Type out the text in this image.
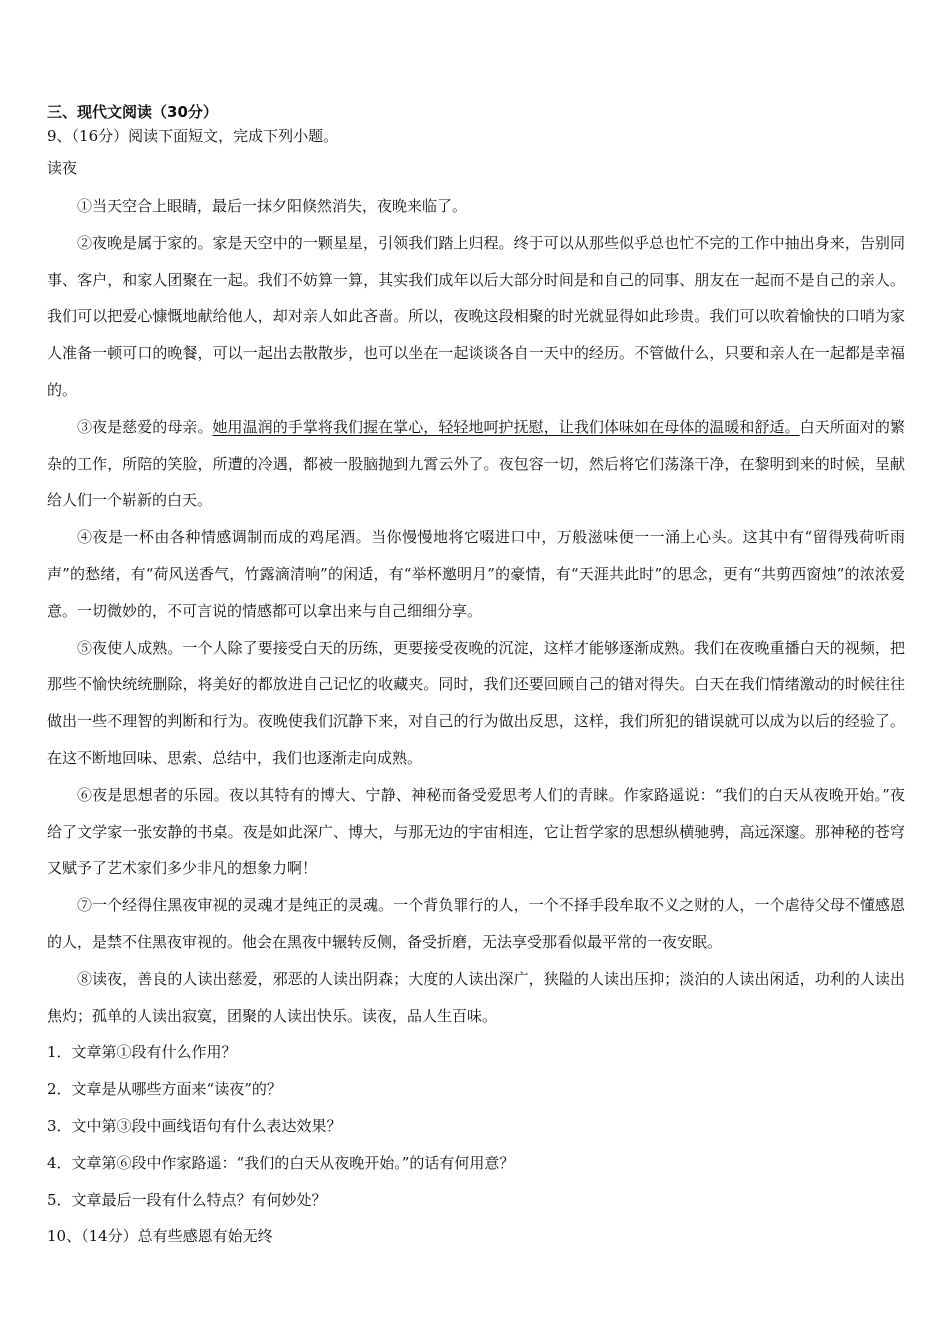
三、现代文阅读（30分）

9、（16分）阅读下面短文，完成下列小题。

读夜

①当天空合上眼睛，最后一抹夕阳倏然消失，夜晚来临了。

②夜晚是属于家的。家是天空中的一颗星星，引领我们踏上归程。终于可以从那些似乎总也忙不完的工作中抽出身来，告别同事、客户，和家人团聚在一起。我们不妨算一算，其实我们成年以后大部分时间是和自己的同事、朋友在一起而不是自己的亲人。我们可以把爱心慷慨地献给他人，却对亲人如此吝啬。所以，夜晚这段相聚的时光就显得如此珍贵。我们可以吹着愉快的口哨为家人准备一顿可口的晚餐，可以一起出去散散步，也可以坐在一起谈谈各自一天中的经历。不管做什么，只要和亲人在一起都是幸福的。

③夜是慈爱的母亲。她用温润的手掌将我们握在掌心，轻轻地呵护抚慰，让我们体味如在母体的温暖和舒适。白天所面对的繁杂的工作，所陪的笑脸，所遭的冷遇，都被一股脑抛到九霄云外了。夜包容一切，然后将它们荡涤干净，在黎明到来的时候，呈献给人们一个崭新的白天。

④夜是一杯由各种情感调制而成的鸡尾酒。当你慢慢地将它啜进口中，万般滋味便一一涌上心头。这其中有“留得残荷听雨声”的愁绪，有“荷风送香气，竹露滴清响”的闲适，有“举杯邀明月”的豪情，有“天涯共此时”的思念，更有“共剪西窗烛”的浓浓爱意。一切微妙的，不可言说的情感都可以拿出来与自己细细分享。

⑤夜使人成熟。一个人除了要接受白天的历练，更要接受夜晚的沉淀，这样才能够逐渐成熟。我们在夜晚重播白天的视频，把那些不愉快统统删除，将美好的都放进自己记忆的收藏夹。同时，我们还要回顾自己的错对得失。白天在我们情绪激动的时候往往做出一些不理智的判断和行为。夜晚使我们沉静下来，对自己的行为做出反思，这样，我们所犯的错误就可以成为以后的经验了。在这不断地回味、思索、总结中，我们也逐渐走向成熟。

⑥夜是思想者的乐园。夜以其特有的博大、宁静、神秘而备受爱思考人们的青睐。作家路遥说：“我们的白天从夜晚开始。”夜给了文学家一张安静的书桌。夜是如此深广、博大，与那无边的宇宙相连，它让哲学家的思想纵横驰骋，高远深邃。那神秘的苍穹又赋予了艺术家们多少非凡的想象力啊！

⑦一个经得住黑夜审视的灵魂才是纯正的灵魂。一个背负罪行的人，一个不择手段牟取不义之财的人，一个虐待父母不懂感恩的人，是禁不住黑夜审视的。他会在黑夜中辗转反侧，备受折磨，无法享受那看似最平常的一夜安眠。

⑧读夜，善良的人读出慈爱，邪恶的人读出阴森；大度的人读出深广，狭隘的人读出压抑；淡泊的人读出闲适，功利的人读出焦灼；孤单的人读出寂寞，团聚的人读出快乐。读夜，品人生百味。

1．文章第①段有什么作用？

2．文章是从哪些方面来“读夜”的？

3．文中第③段中画线语句有什么表达效果？

4．文章第⑥段中作家路遥：“我们的白天从夜晚开始。”的话有何用意？

5．文章最后一段有什么特点？有何妙处？

10、（14分）总有些感恩有始无终
